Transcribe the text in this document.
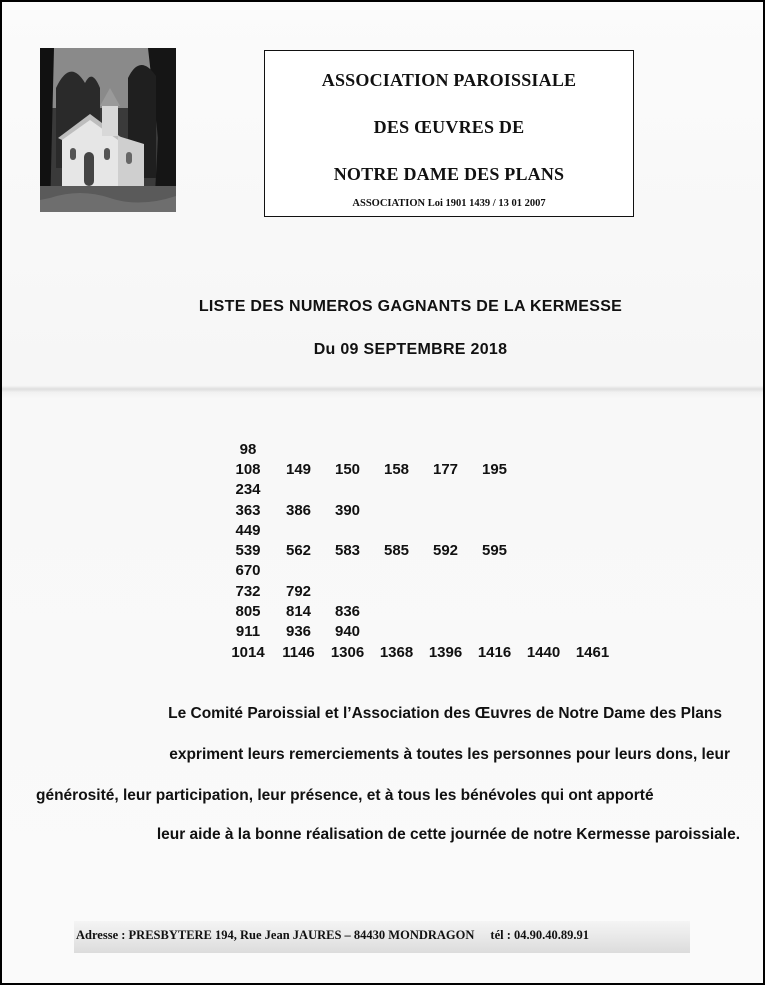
ASSOCIATION PAROISSIALE
DES ŒUVRES DE
NOTRE DAME DES PLANS
ASSOCIATION Loi 1901 1439 / 13 01 2007
LISTE DES NUMEROS GAGNANTS DE LA KERMESSE
Du 09 SEPTEMBRE 2018
98							
108	149	150	158	177	195		
234							
363	386	390					
449							
539	562	583	585	592	595		
670							
732	792						
805	814	836					
911	936	940					
1014	1146	1306	1368	1396	1416	1440	1461
Le Comité Paroissial et l’Association des Œuvres de Notre Dame des Plans
expriment leurs remerciements à toutes les personnes pour leurs dons, leur
générosité, leur participation, leur présence, et à tous les bénévoles qui ont apporté
leur aide à la bonne réalisation de cette journée de notre Kermesse paroissiale.
Adresse : PRESBYTERE 194, Rue Jean JAURES – 84430 MONDRAGON tél : 04.90.40.89.91
